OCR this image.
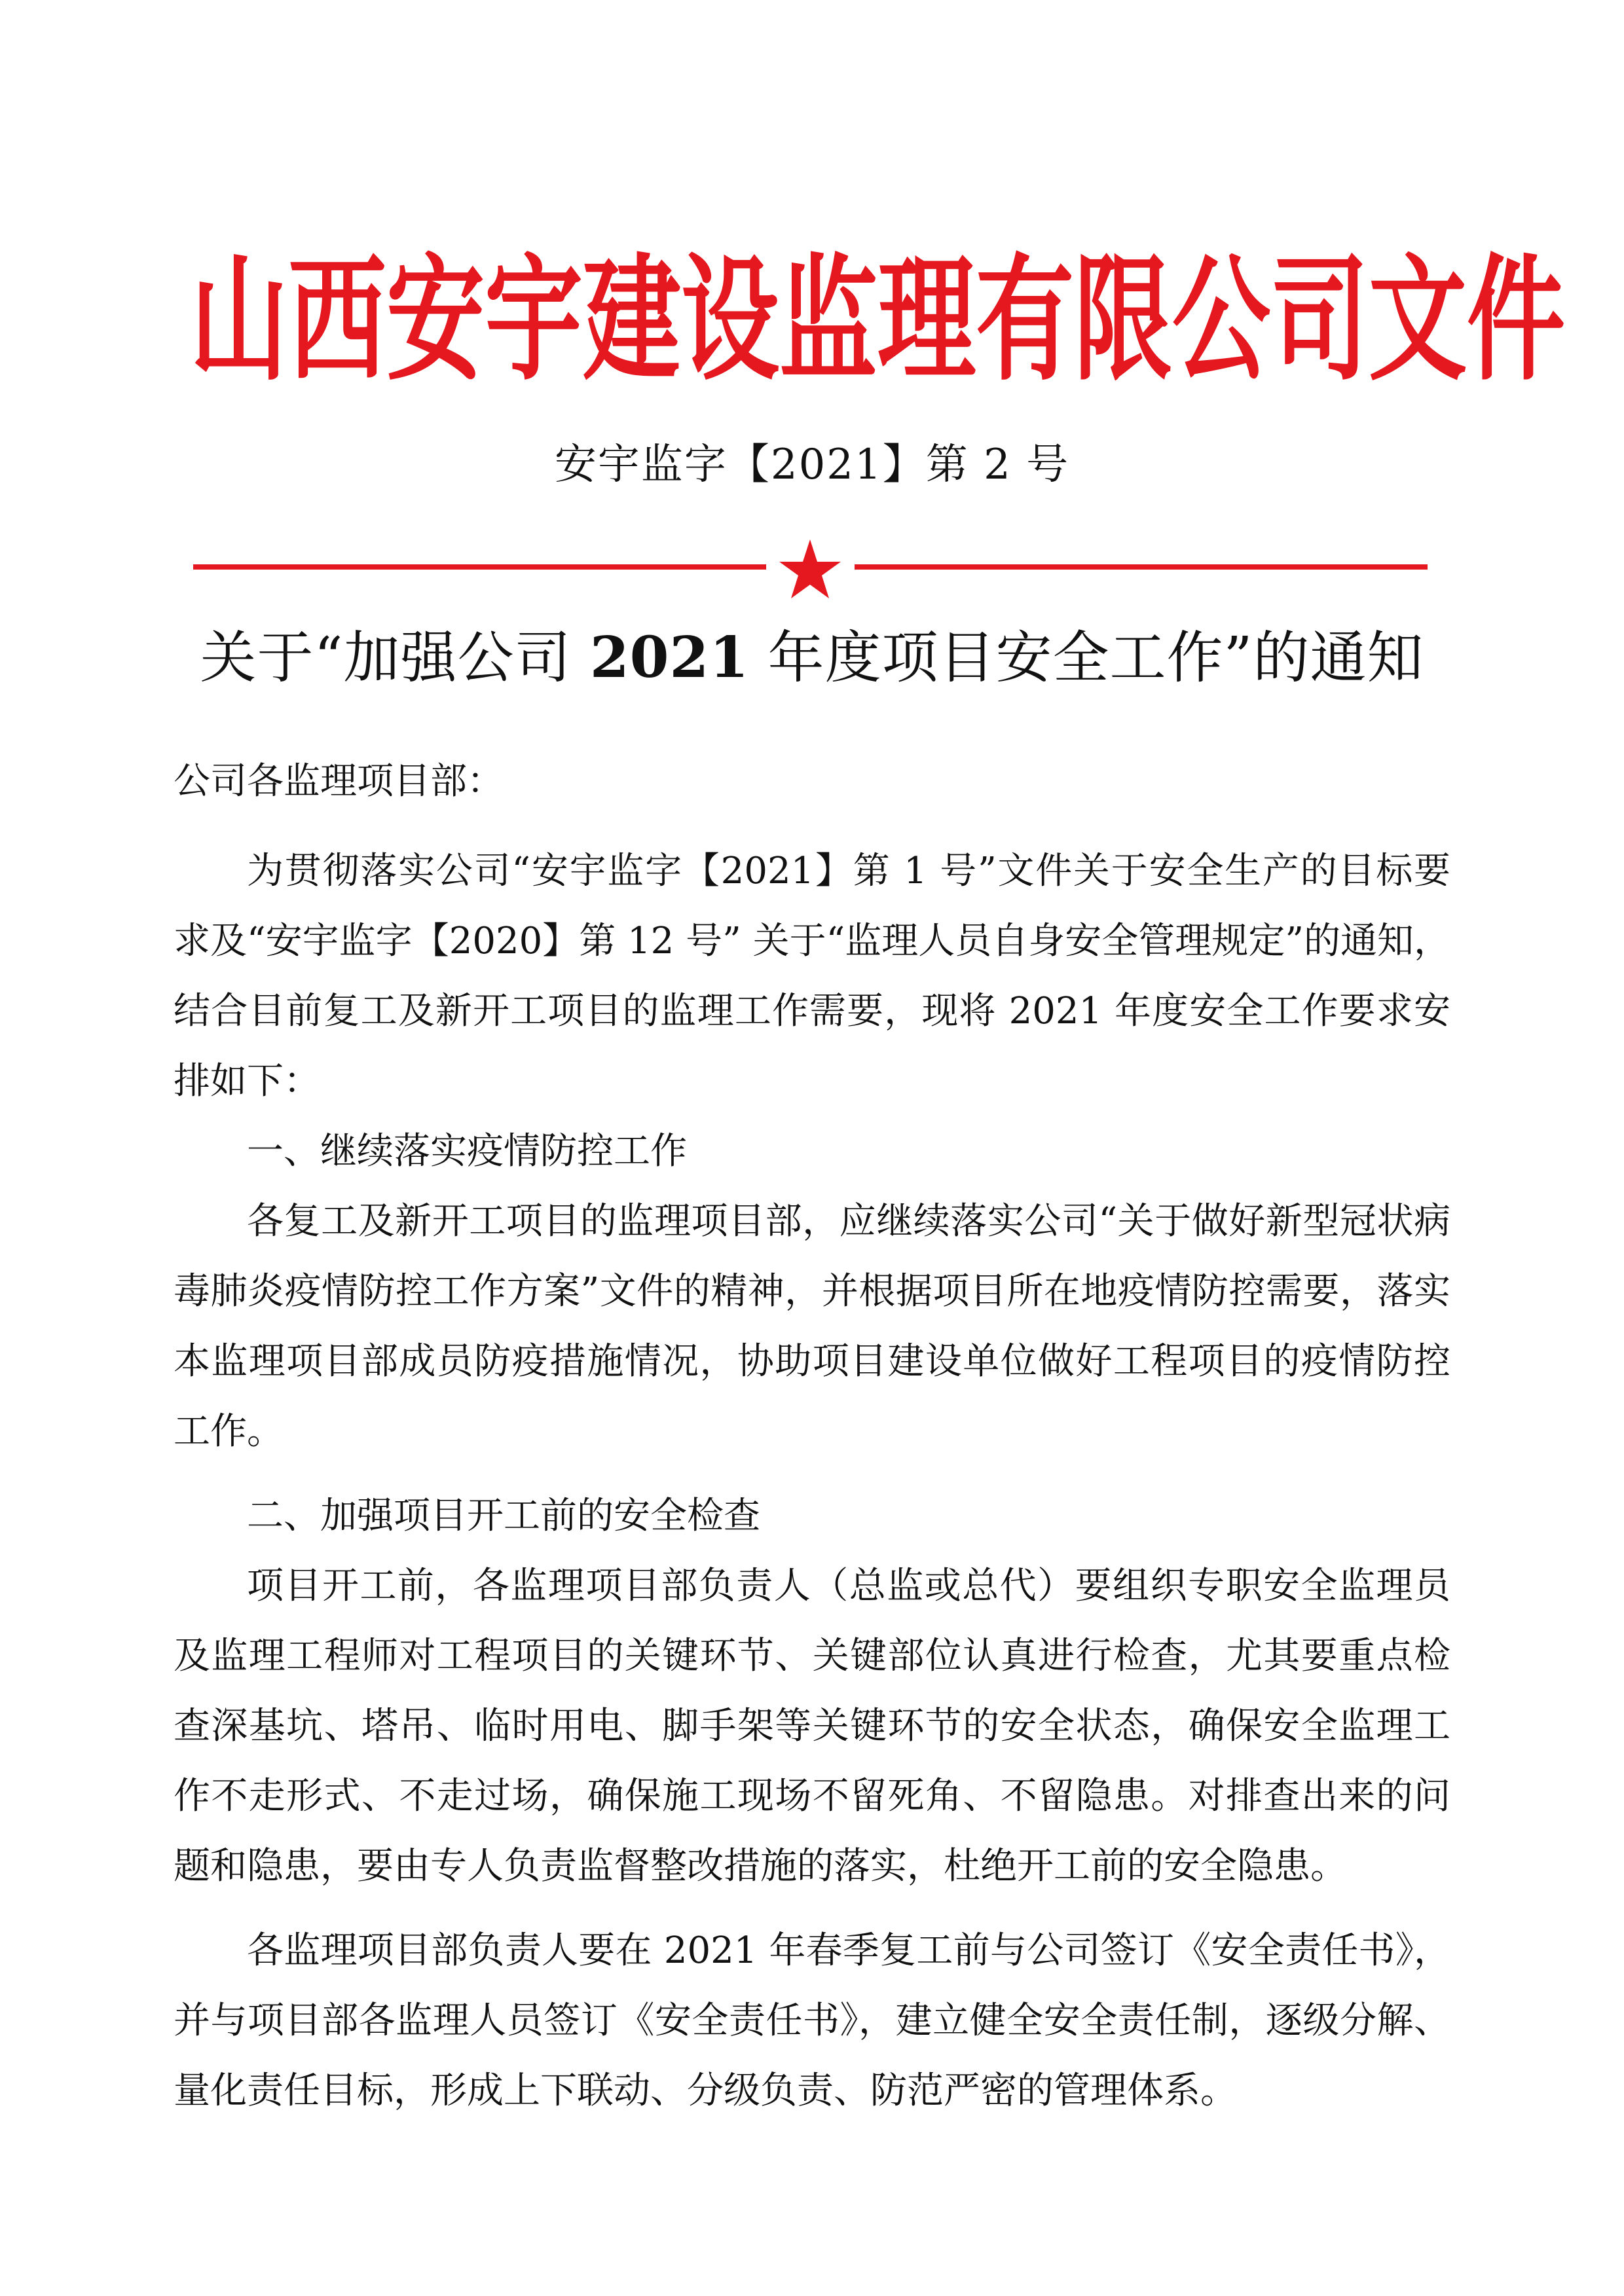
山西安宇建设监理有限公司文件
安宇监字【2021】第 2 号
关于“加强公司 2021 年度项目安全工作”的通知

公司各监理项目部：

为贯彻落实公司“安宇监字【2021】第 1 号”文件关于安全生产的目标要求及“安宇监字【2020】第 12 号” 关于“监理人员自身安全管理规定”的通知，结合目前复工及新开工项目的监理工作需要，现将 2021 年度安全工作要求安排如下：

一、继续落实疫情防控工作

各复工及新开工项目的监理项目部，应继续落实公司“关于做好新型冠状病毒肺炎疫情防控工作方案”文件的精神，并根据项目所在地疫情防控需要，落实本监理项目部成员防疫措施情况，协助项目建设单位做好工程项目的疫情防控工作。

二、加强项目开工前的安全检查

项目开工前，各监理项目部负责人（总监或总代）要组织专职安全监理员及监理工程师对工程项目的关键环节、关键部位认真进行检查，尤其要重点检查深基坑、塔吊、临时用电、脚手架等关键环节的安全状态，确保安全监理工作不走形式、不走过场，确保施工现场不留死角、不留隐患。对排查出来的问题和隐患，要由专人负责监督整改措施的落实，杜绝开工前的安全隐患。

各监理项目部负责人要在 2021 年春季复工前与公司签订《安全责任书》，并与项目部各监理人员签订《安全责任书》，建立健全安全责任制，逐级分解、量化责任目标，形成上下联动、分级负责、防范严密的管理体系。
